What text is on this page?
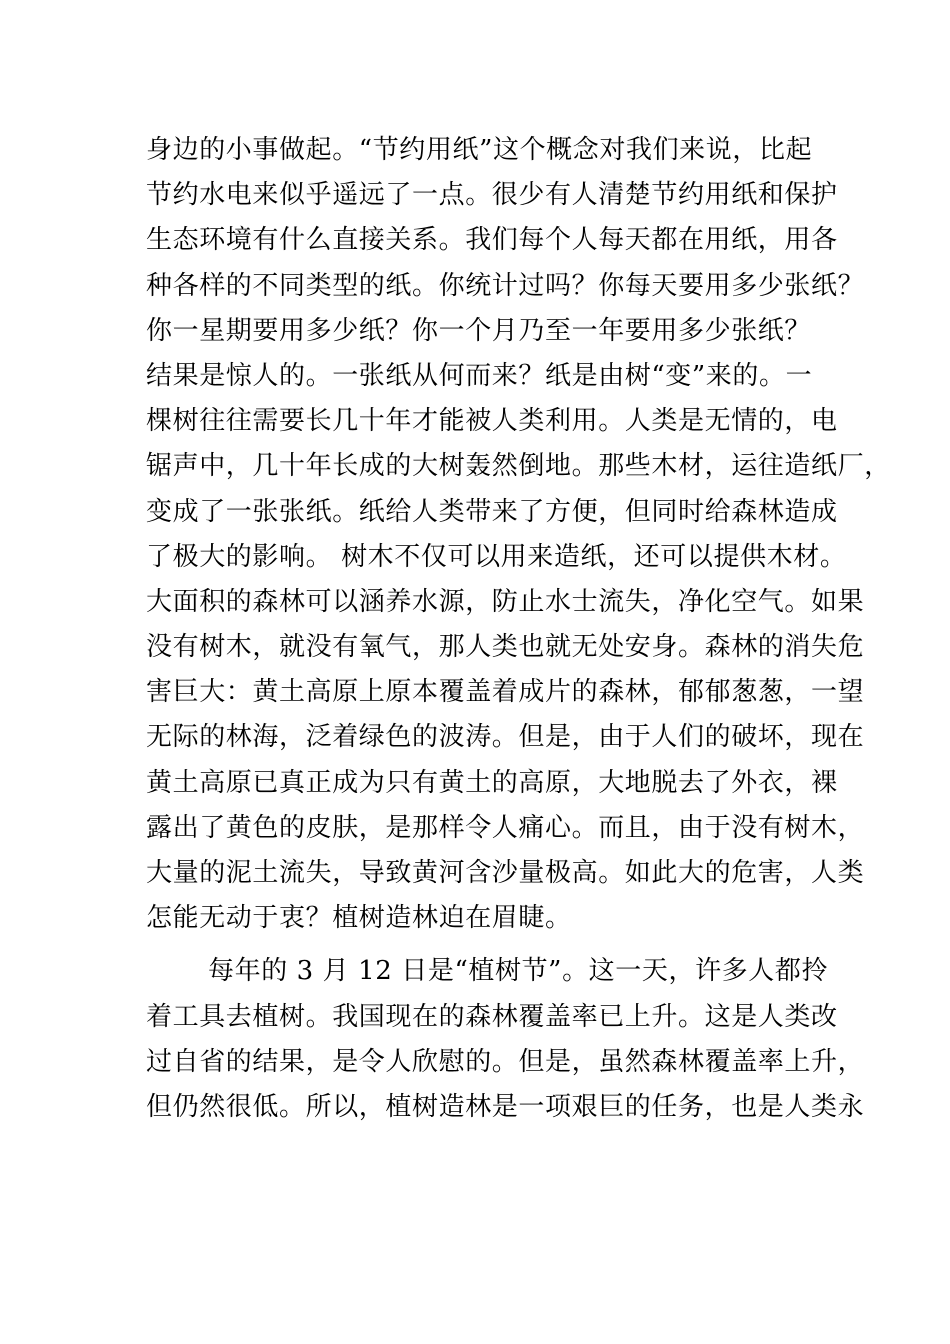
身边的小事做起。“节约用纸”这个概念对我们来说，比起
节约水电来似乎遥远了一点。很少有人清楚节约用纸和保护
生态环境有什么直接关系。我们每个人每天都在用纸，用各
种各样的不同类型的纸。你统计过吗？你每天要用多少张纸？
你一星期要用多少纸？你一个月乃至一年要用多少张纸？
结果是惊人的。一张纸从何而来？纸是由树“变”来的。一
棵树往往需要长几十年才能被人类利用。人类是无情的，电
锯声中，几十年长成的大树轰然倒地。那些木材，运往造纸厂，
变成了一张张纸。纸给人类带来了方便，但同时给森林造成
了极大的影响。 树木不仅可以用来造纸，还可以提供木材。
大面积的森林可以涵养水源，防止水士流失，净化空气。如果
没有树木，就没有氧气，那人类也就无处安身。森林的消失危
害巨大：黄土高原上原本覆盖着成片的森林，郁郁葱葱，一望
无际的林海，泛着绿色的波涛。但是，由于人们的破坏，现在
黄土高原已真正成为只有黄土的高原，大地脱去了外衣，裸
露出了黄色的皮肤，是那样令人痛心。而且，由于没有树木，
大量的泥土流失，导致黄河含沙量极高。如此大的危害，人类
怎能无动于衷？植树造林迫在眉睫。
每年的 3 月 12 日是“植树节”。这一天，许多人都拎
着工具去植树。我国现在的森林覆盖率已上升。这是人类改
过自省的结果，是令人欣慰的。但是，虽然森林覆盖率上升，
但仍然很低。所以，植树造林是一项艰巨的任务，也是人类永
